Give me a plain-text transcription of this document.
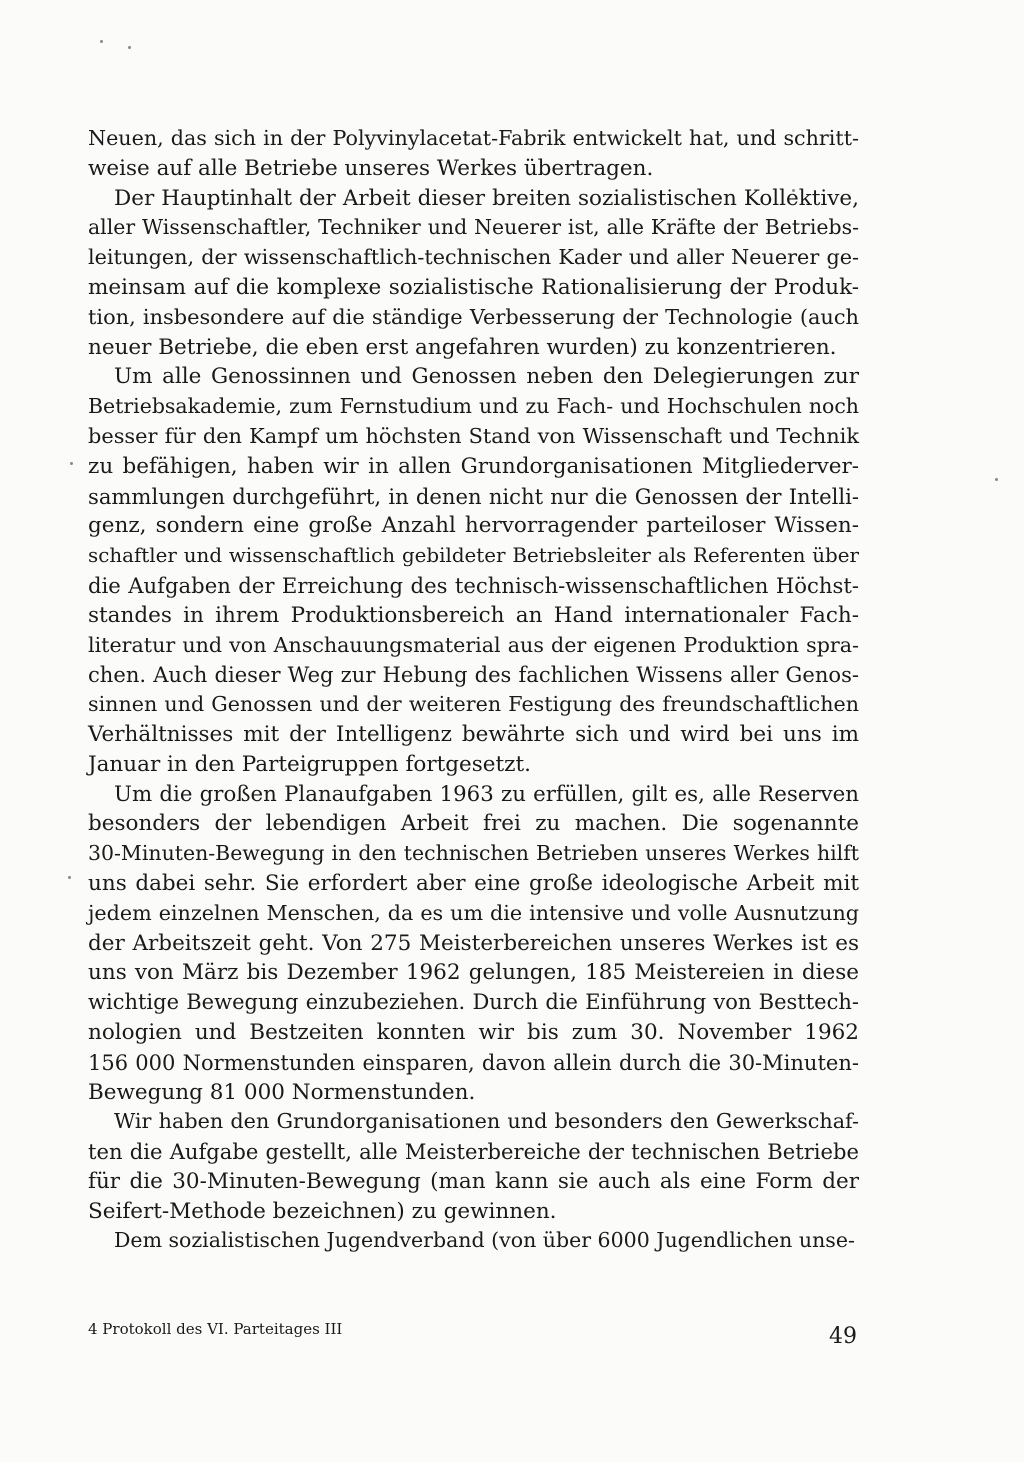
Neuen, das sich in der Polyvinylacetat-Fabrik entwickelt hat, und schritt-
weise auf alle Betriebe unseres Werkes übertragen.
Der Hauptinhalt der Arbeit dieser breiten sozialistischen Kollektive,
aller Wissenschaftler, Techniker und Neuerer ist, alle Kräfte der Betriebs-
leitungen, der wissenschaftlich-technischen Kader und aller Neuerer ge-
meinsam auf die komplexe sozialistische Rationalisierung der Produk-
tion, insbesondere auf die ständige Verbesserung der Technologie (auch
neuer Betriebe, die eben erst angefahren wurden) zu konzentrieren.
Um alle Genossinnen und Genossen neben den Delegierungen zur
Betriebsakademie, zum Fernstudium und zu Fach- und Hochschulen noch
besser für den Kampf um höchsten Stand von Wissenschaft und Technik
zu befähigen, haben wir in allen Grundorganisationen Mitgliederver-
sammlungen durchgeführt, in denen nicht nur die Genossen der Intelli-
genz, sondern eine große Anzahl hervorragender parteiloser Wissen-
schaftler und wissenschaftlich gebildeter Betriebsleiter als Referenten über
die Aufgaben der Erreichung des technisch-wissenschaftlichen Höchst-
standes in ihrem Produktionsbereich an Hand internationaler Fach-
literatur und von Anschauungsmaterial aus der eigenen Produktion spra-
chen. Auch dieser Weg zur Hebung des fachlichen Wissens aller Genos-
sinnen und Genossen und der weiteren Festigung des freundschaftlichen
Verhältnisses mit der Intelligenz bewährte sich und wird bei uns im
Januar in den Parteigruppen fortgesetzt.
Um die großen Planaufgaben 1963 zu erfüllen, gilt es, alle Reserven
besonders der lebendigen Arbeit frei zu machen. Die sogenannte
30-Minuten-Bewegung in den technischen Betrieben unseres Werkes hilft
uns dabei sehr. Sie erfordert aber eine große ideologische Arbeit mit
jedem einzelnen Menschen, da es um die intensive und volle Ausnutzung
der Arbeitszeit geht. Von 275 Meisterbereichen unseres Werkes ist es
uns von März bis Dezember 1962 gelungen, 185 Meistereien in diese
wichtige Bewegung einzubeziehen. Durch die Einführung von Besttech-
nologien und Bestzeiten konnten wir bis zum 30. November 1962
156 000 Normenstunden einsparen, davon allein durch die 30-Minuten-
Bewegung 81 000 Normenstunden.
Wir haben den Grundorganisationen und besonders den Gewerkschaf-
ten die Aufgabe gestellt, alle Meisterbereiche der technischen Betriebe
für die 30-Minuten-Bewegung (man kann sie auch als eine Form der
Seifert-Methode bezeichnen) zu gewinnen.
Dem sozialistischen Jugendverband (von über 6000 Jugendlichen unse-
4 Protokoll des VI. Parteitages III	49
